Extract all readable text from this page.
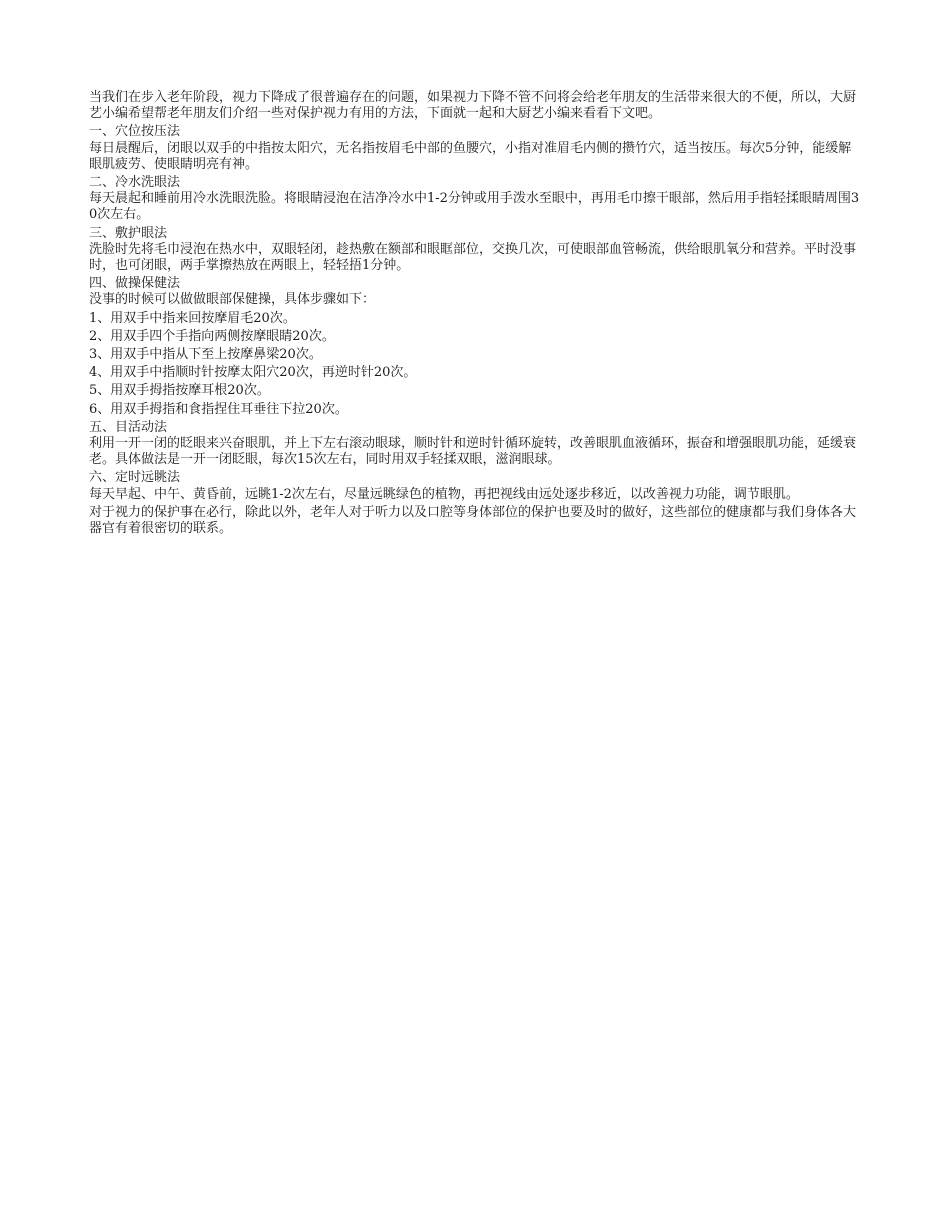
当我们在步入老年阶段，视力下降成了很普遍存在的问题，如果视力下降不管不问将会给老年朋友的生活带来很大的不便，所以，大厨艺小编希望帮老年朋友们介绍一些对保护视力有用的方法，下面就一起和大厨艺小编来看看下文吧。

一、穴位按压法

每日晨醒后，闭眼以双手的中指按太阳穴，无名指按眉毛中部的鱼腰穴，小指对准眉毛内侧的攒竹穴，适当按压。每次5分钟，能缓解眼肌疲劳、使眼睛明亮有神。

二、冷水洗眼法

每天晨起和睡前用冷水洗眼洗脸。将眼睛浸泡在洁净冷水中1-2分钟或用手泼水至眼中，再用毛巾擦干眼部，然后用手指轻揉眼睛周围30次左右。

三、敷护眼法

洗脸时先将毛巾浸泡在热水中，双眼轻闭，趁热敷在额部和眼眶部位，交换几次，可使眼部血管畅流，供给眼肌氧分和营养。平时没事时，也可闭眼，两手掌擦热放在两眼上，轻轻捂1分钟。

四、做操保健法

没事的时候可以做做眼部保健操，具体步骤如下：

1、用双手中指来回按摩眉毛20次。

2、用双手四个手指向两侧按摩眼睛20次。

3、用双手中指从下至上按摩鼻梁20次。

4、用双手中指顺时针按摩太阳穴20次，再逆时针20次。

5、用双手拇指按摩耳根20次。

6、用双手拇指和食指捏住耳垂往下拉20次。

五、目活动法

利用一开一闭的眨眼来兴奋眼肌，并上下左右滚动眼球，顺时针和逆时针循环旋转，改善眼肌血液循环，振奋和增强眼肌功能，延缓衰老。具体做法是一开一闭眨眼，每次15次左右，同时用双手轻揉双眼，滋润眼球。

六、定时远眺法

每天早起、中午、黄昏前，远眺1-2次左右，尽量远眺绿色的植物，再把视线由远处逐步移近，以改善视力功能，调节眼肌。

对于视力的保护事在必行，除此以外，老年人对于听力以及口腔等身体部位的保护也要及时的做好，这些部位的健康都与我们身体各大器官有着很密切的联系。
